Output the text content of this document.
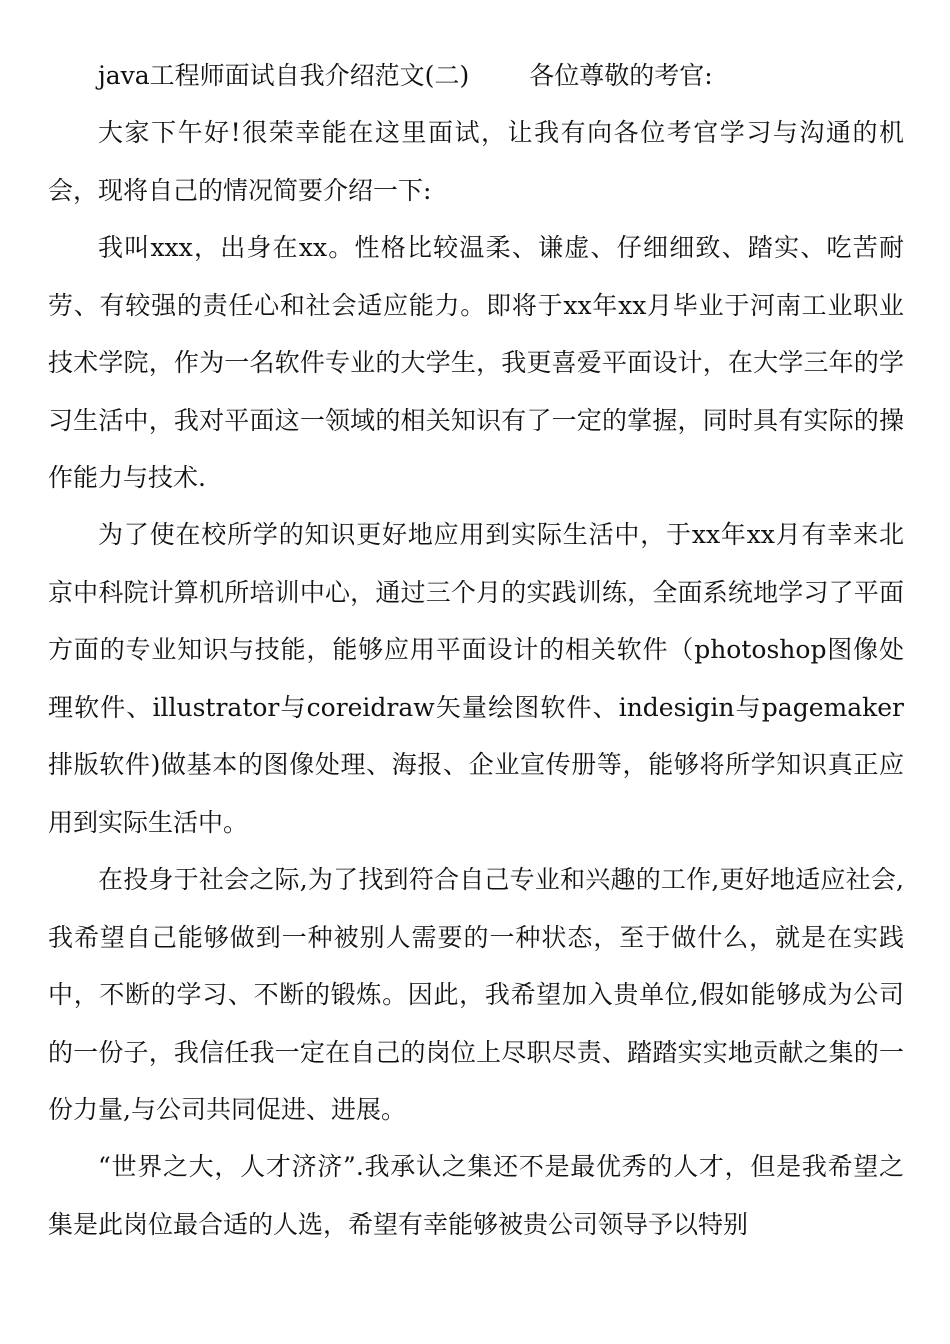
java工程师面试自我介绍范文(二) 各位尊敬的考官:

大家下午好!很荣幸能在这里面试，让我有向各位考官学习与沟通的机会，现将自己的情况简要介绍一下:

我叫xxx，出身在xx。性格比较温柔、谦虚、仔细细致、踏实、吃苦耐劳、有较强的责任心和社会适应能力。即将于xx年xx月毕业于河南工业职业技术学院，作为一名软件专业的大学生，我更喜爱平面设计，在大学三年的学习生活中，我对平面这一领域的相关知识有了一定的掌握，同时具有实际的操作能力与技术.

为了使在校所学的知识更好地应用到实际生活中，于xx年xx月有幸来北京中科院计算机所培训中心，通过三个月的实践训练，全面系统地学习了平面方面的专业知识与技能，能够应用平面设计的相关软件（photoshop图像处理软件、illustrator与coreidraw矢量绘图软件、indesigin与pagemaker排版软件)做基本的图像处理、海报、企业宣传册等，能够将所学知识真正应用到实际生活中。

在投身于社会之际,为了找到符合自己专业和兴趣的工作,更好地适应社会,我希望自己能够做到一种被别人需要的一种状态，至于做什么，就是在实践中，不断的学习、不断的锻炼。因此，我希望加入贵单位,假如能够成为公司的一份子，我信任我一定在自己的岗位上尽职尽责、踏踏实实地贡献之集的一份力量,与公司共同促进、进展。

“世界之大，人才济济”.我承认之集还不是最优秀的人才，但是我希望之集是此岗位最合适的人选，希望有幸能够被贵公司领导予以特别
